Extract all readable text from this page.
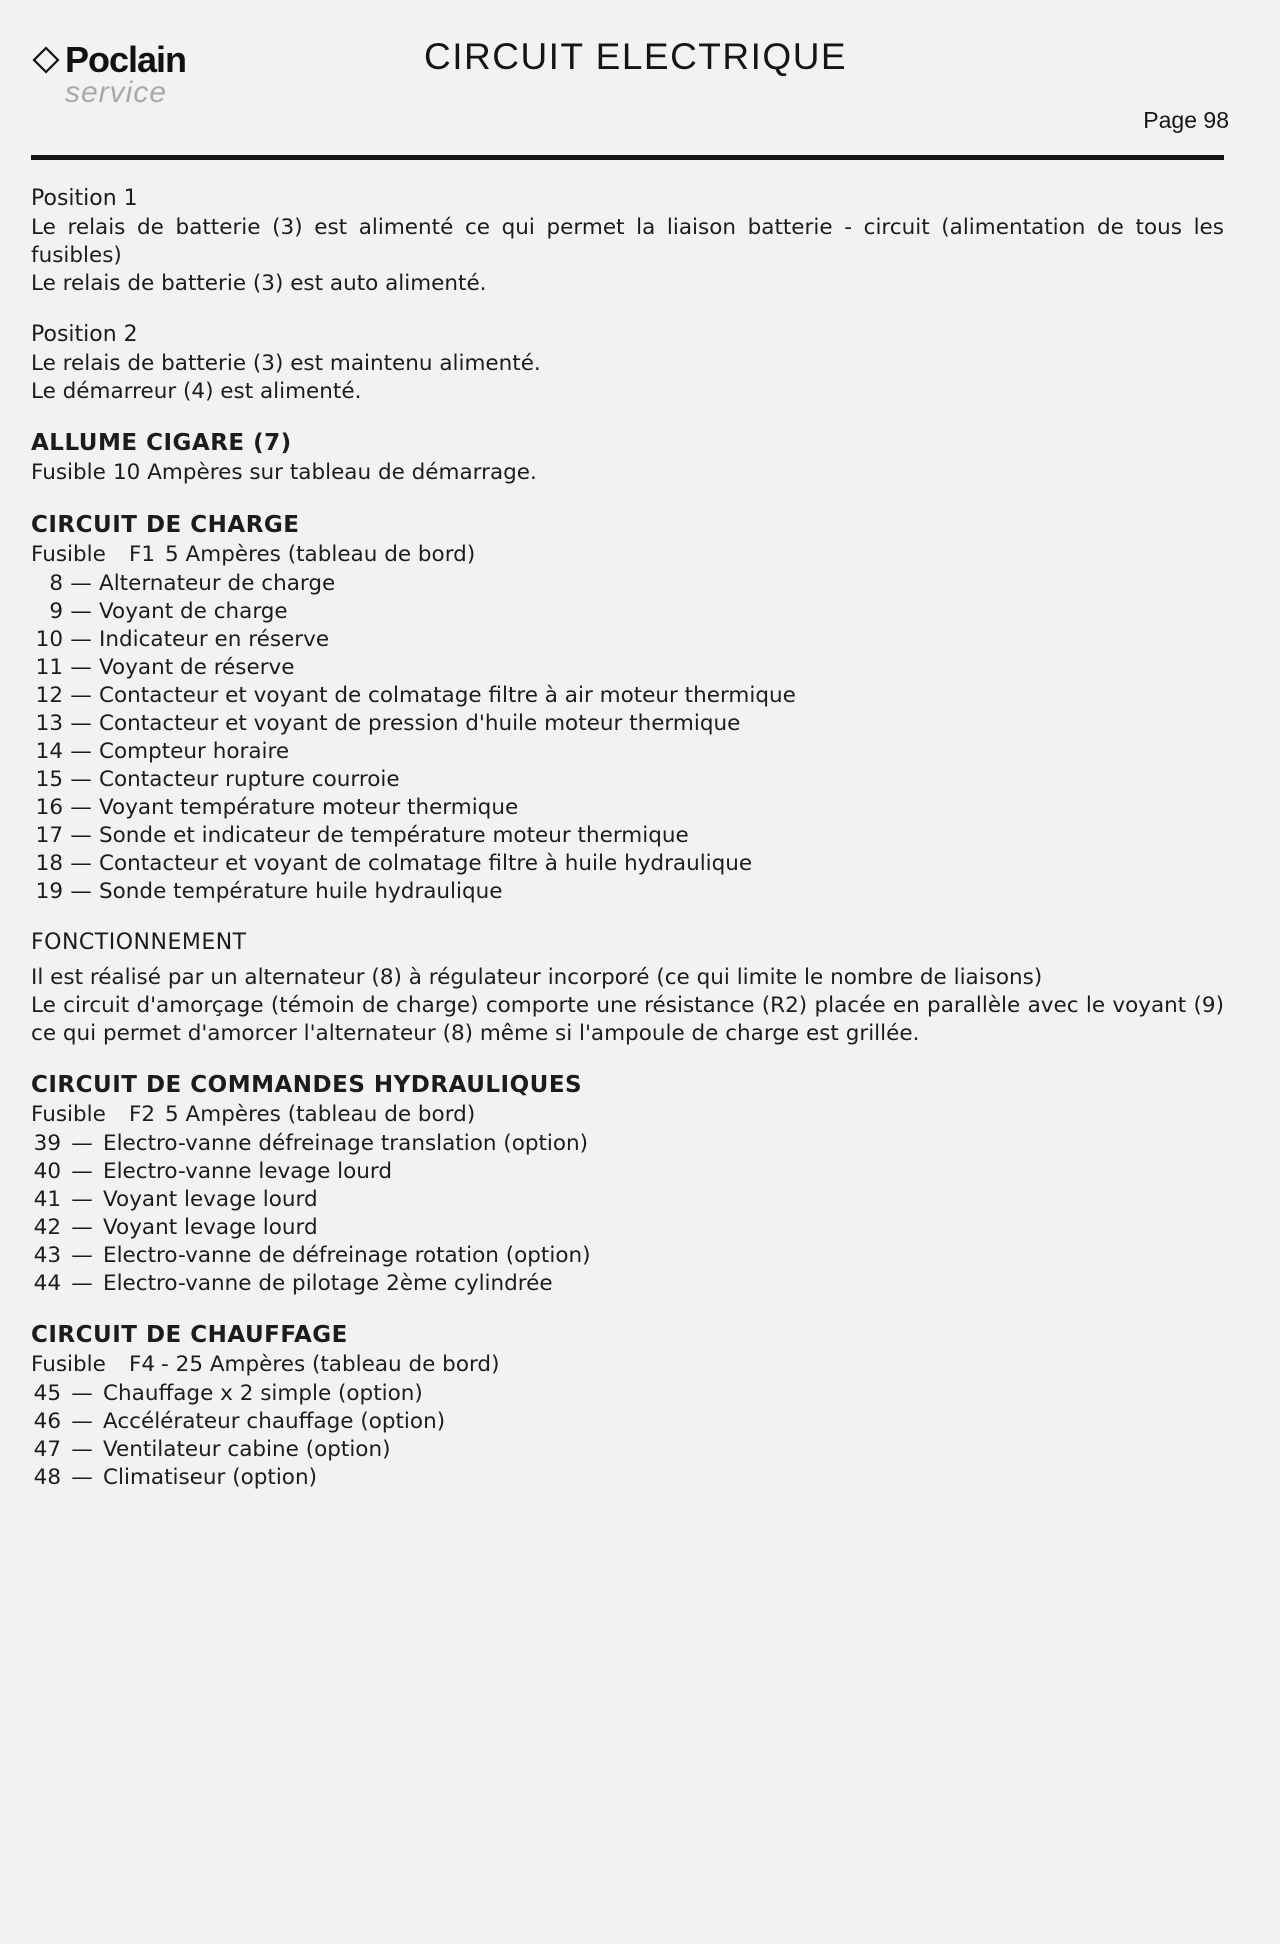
Poclain
service
CIRCUIT ELECTRIQUE
Page 98
Position 1

Le relais de batterie (3) est alimenté ce qui permet la liaison batterie - circuit (alimentation de tous les fusibles)

Le relais de batterie (3) est auto alimenté.

Position 2

Le relais de batterie (3) est maintenu alimenté.

Le démarreur (4) est alimenté.

ALLUME CIGARE (7)
Fusible 10 Ampères sur tableau de démarrage.
CIRCUIT DE CHARGE
Fusible	F1 5 Ampères (tableau de bord)
8 — Alternateur de charge
9 — Voyant de charge
10 — Indicateur en réserve
11 — Voyant de réserve
12 — Contacteur et voyant de colmatage filtre à air moteur thermique
13 — Contacteur et voyant de pression d'huile moteur thermique
14 — Compteur horaire
15 — Contacteur rupture courroie
16 — Voyant température moteur thermique
17 — Sonde et indicateur de température moteur thermique
18 — Contacteur et voyant de colmatage filtre à huile hydraulique
19 — Sonde température huile hydraulique
FONCTIONNEMENT

Il est réalisé par un alternateur (8) à régulateur incorporé (ce qui limite le nombre de liaisons)

Le circuit d'amorçage (témoin de charge) comporte une résistance (R2) placée en parallèle avec le voyant (9) ce qui permet d'amorcer l'alternateur (8) même si l'ampoule de charge est grillée.

CIRCUIT DE COMMANDES HYDRAULIQUES
Fusible	F2 5 Ampères (tableau de bord)
39 — Electro-vanne défreinage translation (option)
40 — Electro-vanne levage lourd
41 — Voyant levage lourd
42 — Voyant levage lourd
43 — Electro-vanne de défreinage rotation (option)
44 — Electro-vanne de pilotage 2ème cylindrée
CIRCUIT DE CHAUFFAGE
Fusible	F4 - 25 Ampères (tableau de bord)
45 — Chauffage x 2 simple (option)
46 — Accélérateur chauffage (option)
47 — Ventilateur cabine (option)
48 — Climatiseur (option)
